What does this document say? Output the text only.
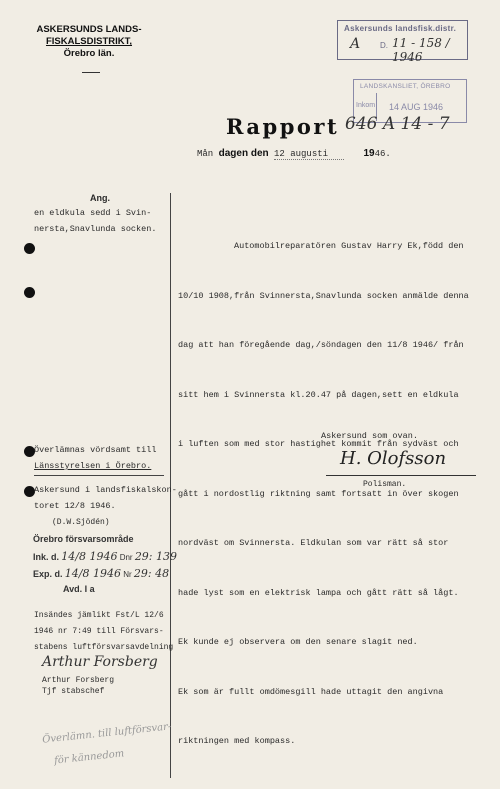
ASKERSUNDS LANDS-
FISKALSDISTRIKT,
Örebro län.
Askersunds landsfisk.distr.
A D. 11 - 158 / 1946
LANDSKANSLIET, ÖREBRO
Inkom 14 AUG 1946
Rapport 646 A 14 - 7
Mån dagen den 12 augusti	1946.
Ang.
en eldkula sedd i Svin-
nersta,Snavlunda socken.

Automobilreparatören Gustav Harry Ek,född den

10/10 1908,från Svinnersta,Snavlunda socken anmälde denna

dag att han föregående dag,/söndagen den 11/8 1946/ från

sitt hem i Svinnersta kl.20.47 på dagen,sett en eldkula

i luften som med stor hastighet kommit från sydväst och

gått i nordostlig riktning samt fortsatt in över skogen

nordväst om Svinnersta. Eldkulan som var rätt så stor

hade lyst som en elektrisk lampa och gått rätt så lågt.

Ek kunde ej observera om den senare slagit ned.

Ek som är fullt omdömesgill hade uttagit den angivna

riktningen med kompass.

Askersund som ovan.
H. Olofsson
Polisman.
Överlämnas vördsamt till
Länsstyrelsen i Örebro.
Askersund i landsfiskalskon-
toret 12/8 1946.
(D.W.Sjödén)
Örebro försvarsområde
Ink. d. 14/8 1946 Dnr 29: 139
Exp. d. 14/8 1946 Nr 29: 48
Avd. I a
Insändes jämlikt Fst/L 12/6
1946 nr 7:49 till Försvars-
stabens luftförsvarsavdelning
Arthur Forsberg
Arthur Forsberg
Tjf stabschef
Överlämn. till luftförsvar-
för kännedom
